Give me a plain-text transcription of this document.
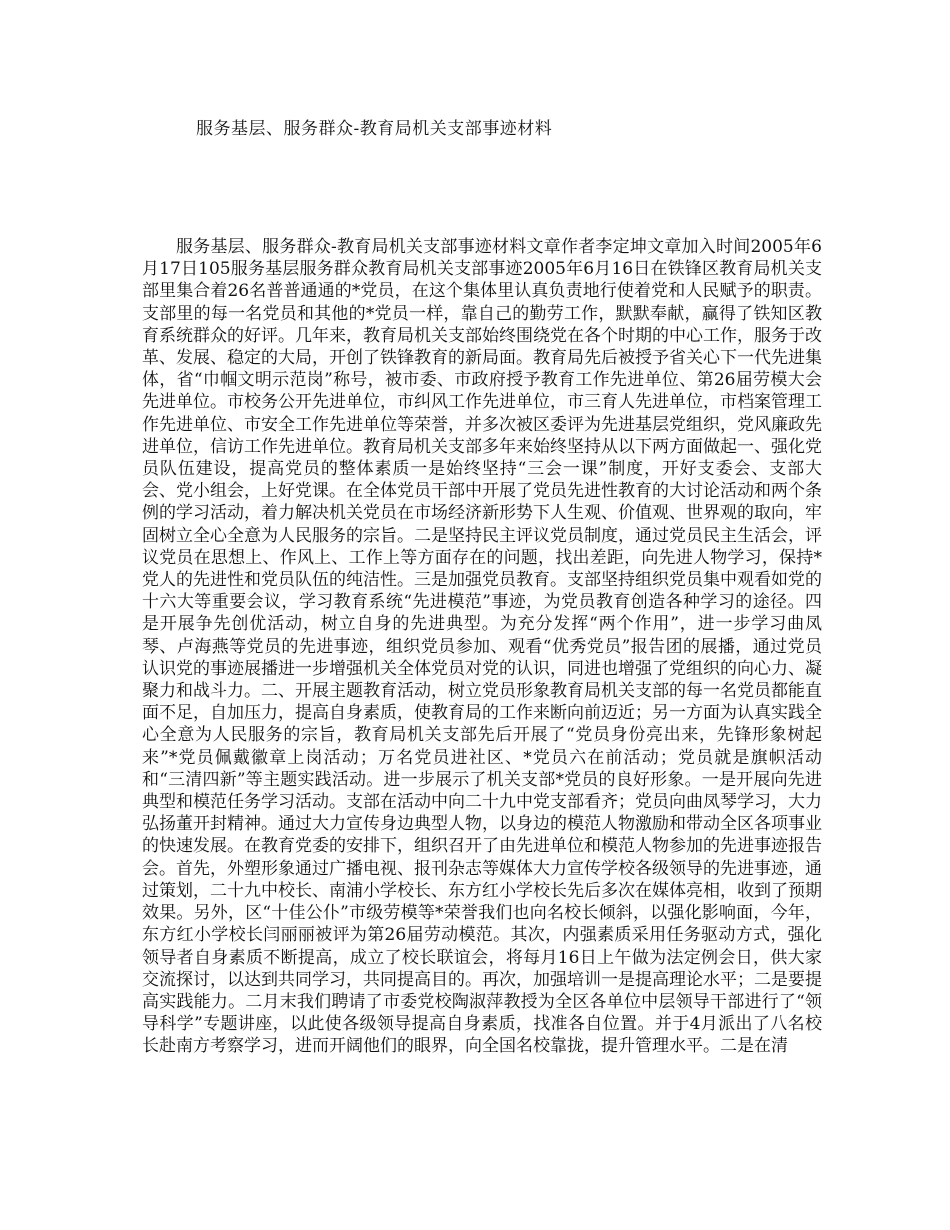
服务基层、服务群众-教育局机关支部事迹材料

服务基层、服务群众-教育局机关支部事迹材料文章作者李定坤文章加入时间2005年6月17日105服务基层服务群众教育局机关支部事迹2005年6月16日在铁锋区教育局机关支部里集合着26名普普通通的*党员，在这个集体里认真负责地行使着党和人民赋予的职责。支部里的每一名党员和其他的*党员一样，靠自己的勤劳工作，默默奉献，赢得了铁知区教育系统群众的好评。几年来，教育局机关支部始终围绕党在各个时期的中心工作，服务于改革、发展、稳定的大局，开创了铁锋教育的新局面。教育局先后被授予省关心下一代先进集体，省“巾帼文明示范岗”称号，被市委、市政府授予教育工作先进单位、第26届劳模大会先进单位。市校务公开先进单位，市纠风工作先进单位，市三育人先进单位，市档案管理工作先进单位、市安全工作先进单位等荣誉，并多次被区委评为先进基层党组织，党风廉政先进单位，信访工作先进单位。教育局机关支部多年来始终坚持从以下两方面做起一、强化党员队伍建设，提高党员的整体素质一是始终坚持“三会一课”制度，开好支委会、支部大会、党小组会，上好党课。在全体党员干部中开展了党员先进性教育的大讨论活动和两个条例的学习活动，着力解决机关党员在市场经济新形势下人生观、价值观、世界观的取向，牢固树立全心全意为人民服务的宗旨。二是坚持民主评议党员制度，通过党员民主生活会，评议党员在思想上、作风上、工作上等方面存在的问题，找出差距，向先进人物学习，保持*党人的先进性和党员队伍的纯洁性。三是加强党员教育。支部坚持组织党员集中观看如党的十六大等重要会议，学习教育系统“先进模范”事迹，为党员教育创造各种学习的途径。四是开展争先创优活动，树立自身的先进典型。为充分发挥“两个作用”，进一步学习曲凤琴、卢海燕等党员的先进事迹，组织党员参加、观看“优秀党员”报告团的展播，通过党员认识党的事迹展播进一步增强机关全体党员对党的认识，同进也增强了党组织的向心力、凝聚力和战斗力。二、开展主题教育活动，树立党员形象教育局机关支部的每一名党员都能直面不足，自加压力，提高自身素质，使教育局的工作来断向前迈近；另一方面为认真实践全心全意为人民服务的宗旨，教育局机关支部先后开展了“党员身份亮出来，先锋形象树起来”*党员佩戴徽章上岗活动；万名党员进社区、*党员六在前活动；党员就是旗帜活动和“三清四新”等主题实践活动。进一步展示了机关支部*党员的良好形象。一是开展向先进典型和模范任务学习活动。支部在活动中向二十九中党支部看齐；党员向曲凤琴学习，大力弘扬董开封精神。通过大力宣传身边典型人物，以身边的模范人物激励和带动全区各项事业的快速发展。在教育党委的安排下，组织召开了由先进单位和模范人物参加的先进事迹报告会。首先，外塑形象通过广播电视、报刊杂志等媒体大力宣传学校各级领导的先进事迹，通过策划，二十九中校长、南浦小学校长、东方红小学校长先后多次在媒体亮相，收到了预期效果。另外，区“十佳公仆”市级劳模等*荣誉我们也向名校长倾斜，以强化影响面，今年，东方红小学校长闫丽丽被评为第26届劳动模范。其次，内强素质采用任务驱动方式，强化领导者自身素质不断提高，成立了校长联谊会，将每月16日上午做为法定例会日，供大家交流探讨，以达到共同学习，共同提高目的。再次，加强培训一是提高理论水平；二是要提高实践能力。二月末我们聘请了市委党校陶淑萍教授为全区各单位中层领导干部进行了“领导科学”专题讲座，以此使各级领导提高自身素质，找准各自位置。并于4月派出了八名校长赴南方考察学习，进而开阔他们的眼界，向全国名校靠拢，提升管理水平。二是在清
